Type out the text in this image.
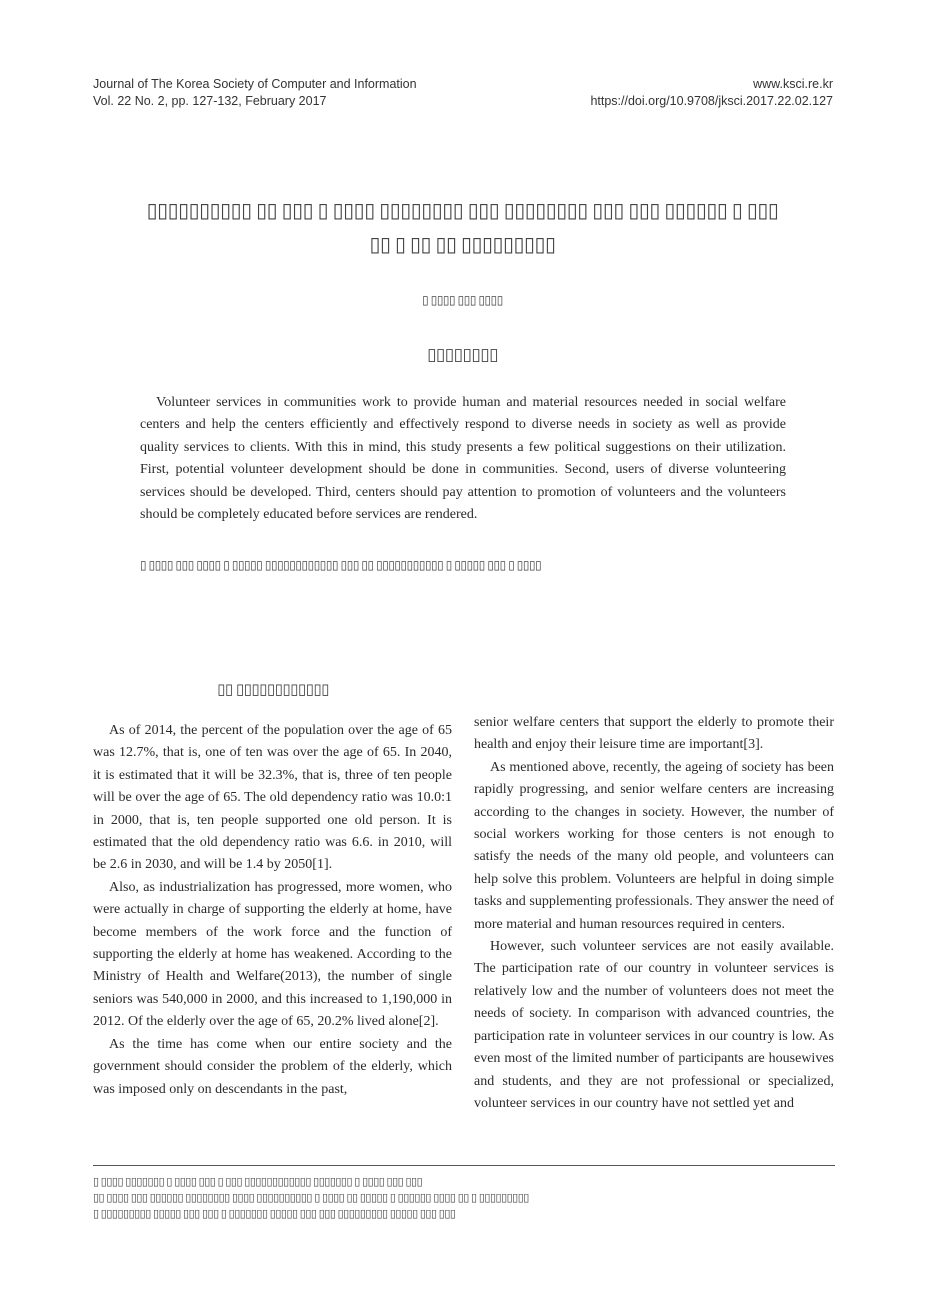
Journal of The Korea Society of Computer and Information
Vol. 22 No. 2, pp. 127-132, February 2017
www.ksci.re.kr
https://doi.org/10.9708/jksci.2017.22.02.127
▯▯▯▯▯▯▯▯▯▯ ▯▯ ▯▯▯ ▯ ▯▯▯▯ ▯▯▯▯▯▯▯▯ ▯▯▯ ▯▯▯▯▯▯▯▯ ▯▯▯ ▯▯▯ ▯▯▯▯▯▯ ▯ ▯▯▯
▯▯ ▯ ▯▯ ▯▯ ▯▯▯▯▯▯▯▯▯
▯ ▯▯▯▯ ▯▯▯ ▯▯▯▯
▯▯▯▯▯▯▯▯

Volunteer services in communities work to provide human and material resources needed in social welfare centers and help the centers efficiently and effectively respond to diverse needs in society as well as provide quality services to clients. With this in mind, this study presents a few political suggestions on their utilization. First, potential volunteer development should be done in communities. Second, users of diverse volunteering services should be developed. Third, centers should pay attention to promotion of volunteers and the volunteers should be completely educated before services are rendered.

▯ ▯▯▯▯ ▯▯▯ ▯▯▯▯ ▯ ▯▯▯▯▯ ▯▯▯▯▯▯▯▯▯▯▯▯ ▯▯▯ ▯▯ ▯▯▯▯▯▯▯▯▯▯▯ ▯ ▯▯▯▯▯ ▯▯▯ ▯ ▯▯▯▯
▯▯ ▯▯▯▯▯▯▯▯▯▯▯▯

As of 2014, the percent of the population over the age of 65 was 12.7%, that is, one of ten was over the age of 65. In 2040, it is estimated that it will be 32.3%, that is, three of ten people will be over the age of 65. The old dependency ratio was 10.0:1 in 2000, that is, ten people supported one old person. It is estimated that the old dependency ratio was 6.6. in 2010, will be 2.6 in 2030, and will be 1.4 by 2050[1].

Also, as industrialization has progressed, more women, who were actually in charge of supporting the elderly at home, have become members of the work force and the function of supporting the elderly at home has weakened. According to the Ministry of Health and Welfare(2013), the number of single seniors was 540,000 in 2000, and this increased to 1,190,000 in 2012. Of the elderly over the age of 65, 20.2% lived alone[2].

As the time has come when our entire society and the government should consider the problem of the elderly, which was imposed only on descendants in the past,

senior welfare centers that support the elderly to promote their health and enjoy their leisure time are important[3].

As mentioned above, recently, the ageing of society has been rapidly progressing, and senior welfare centers are increasing according to the changes in society. However, the number of social workers working for those centers is not enough to satisfy the needs of the many old people, and volunteers can help solve this problem. Volunteers are helpful in doing simple tasks and supplementing professionals. They answer the need of more material and human resources required in centers.

However, such volunteer services are not easily available. The participation rate of our country in volunteer services is relatively low and the number of volunteers does not meet the needs of society. In comparison with advanced countries, the participation rate in volunteer services in our country is low. As even most of the limited number of participants are housewives and students, and they are not professional or specialized, volunteer services in our country have not settled yet and

▯ ▯▯▯▯ ▯▯▯▯▯▯▯ ▯ ▯▯▯▯ ▯▯▯ ▯ ▯▯▯ ▯▯▯▯▯▯▯▯▯▯▯▯ ▯▯▯▯▯▯▯ ▯ ▯▯▯▯ ▯▯▯ ▯▯▯
▯▯ ▯▯▯▯ ▯▯▯ ▯▯▯▯▯▯ ▯▯▯▯▯▯▯▯ ▯▯▯▯ ▯▯▯▯▯▯▯▯▯▯ ▯ ▯▯▯▯ ▯▯ ▯▯▯▯▯ ▯ ▯▯▯▯▯▯ ▯▯▯▯ ▯▯ ▯ ▯▯▯▯▯▯▯▯▯
▯ ▯▯▯▯▯▯▯▯▯ ▯▯▯▯▯ ▯▯▯ ▯▯▯ ▯ ▯▯▯▯▯▯▯ ▯▯▯▯▯ ▯▯▯ ▯▯▯ ▯▯▯▯▯▯▯▯▯ ▯▯▯▯▯ ▯▯▯ ▯▯▯
